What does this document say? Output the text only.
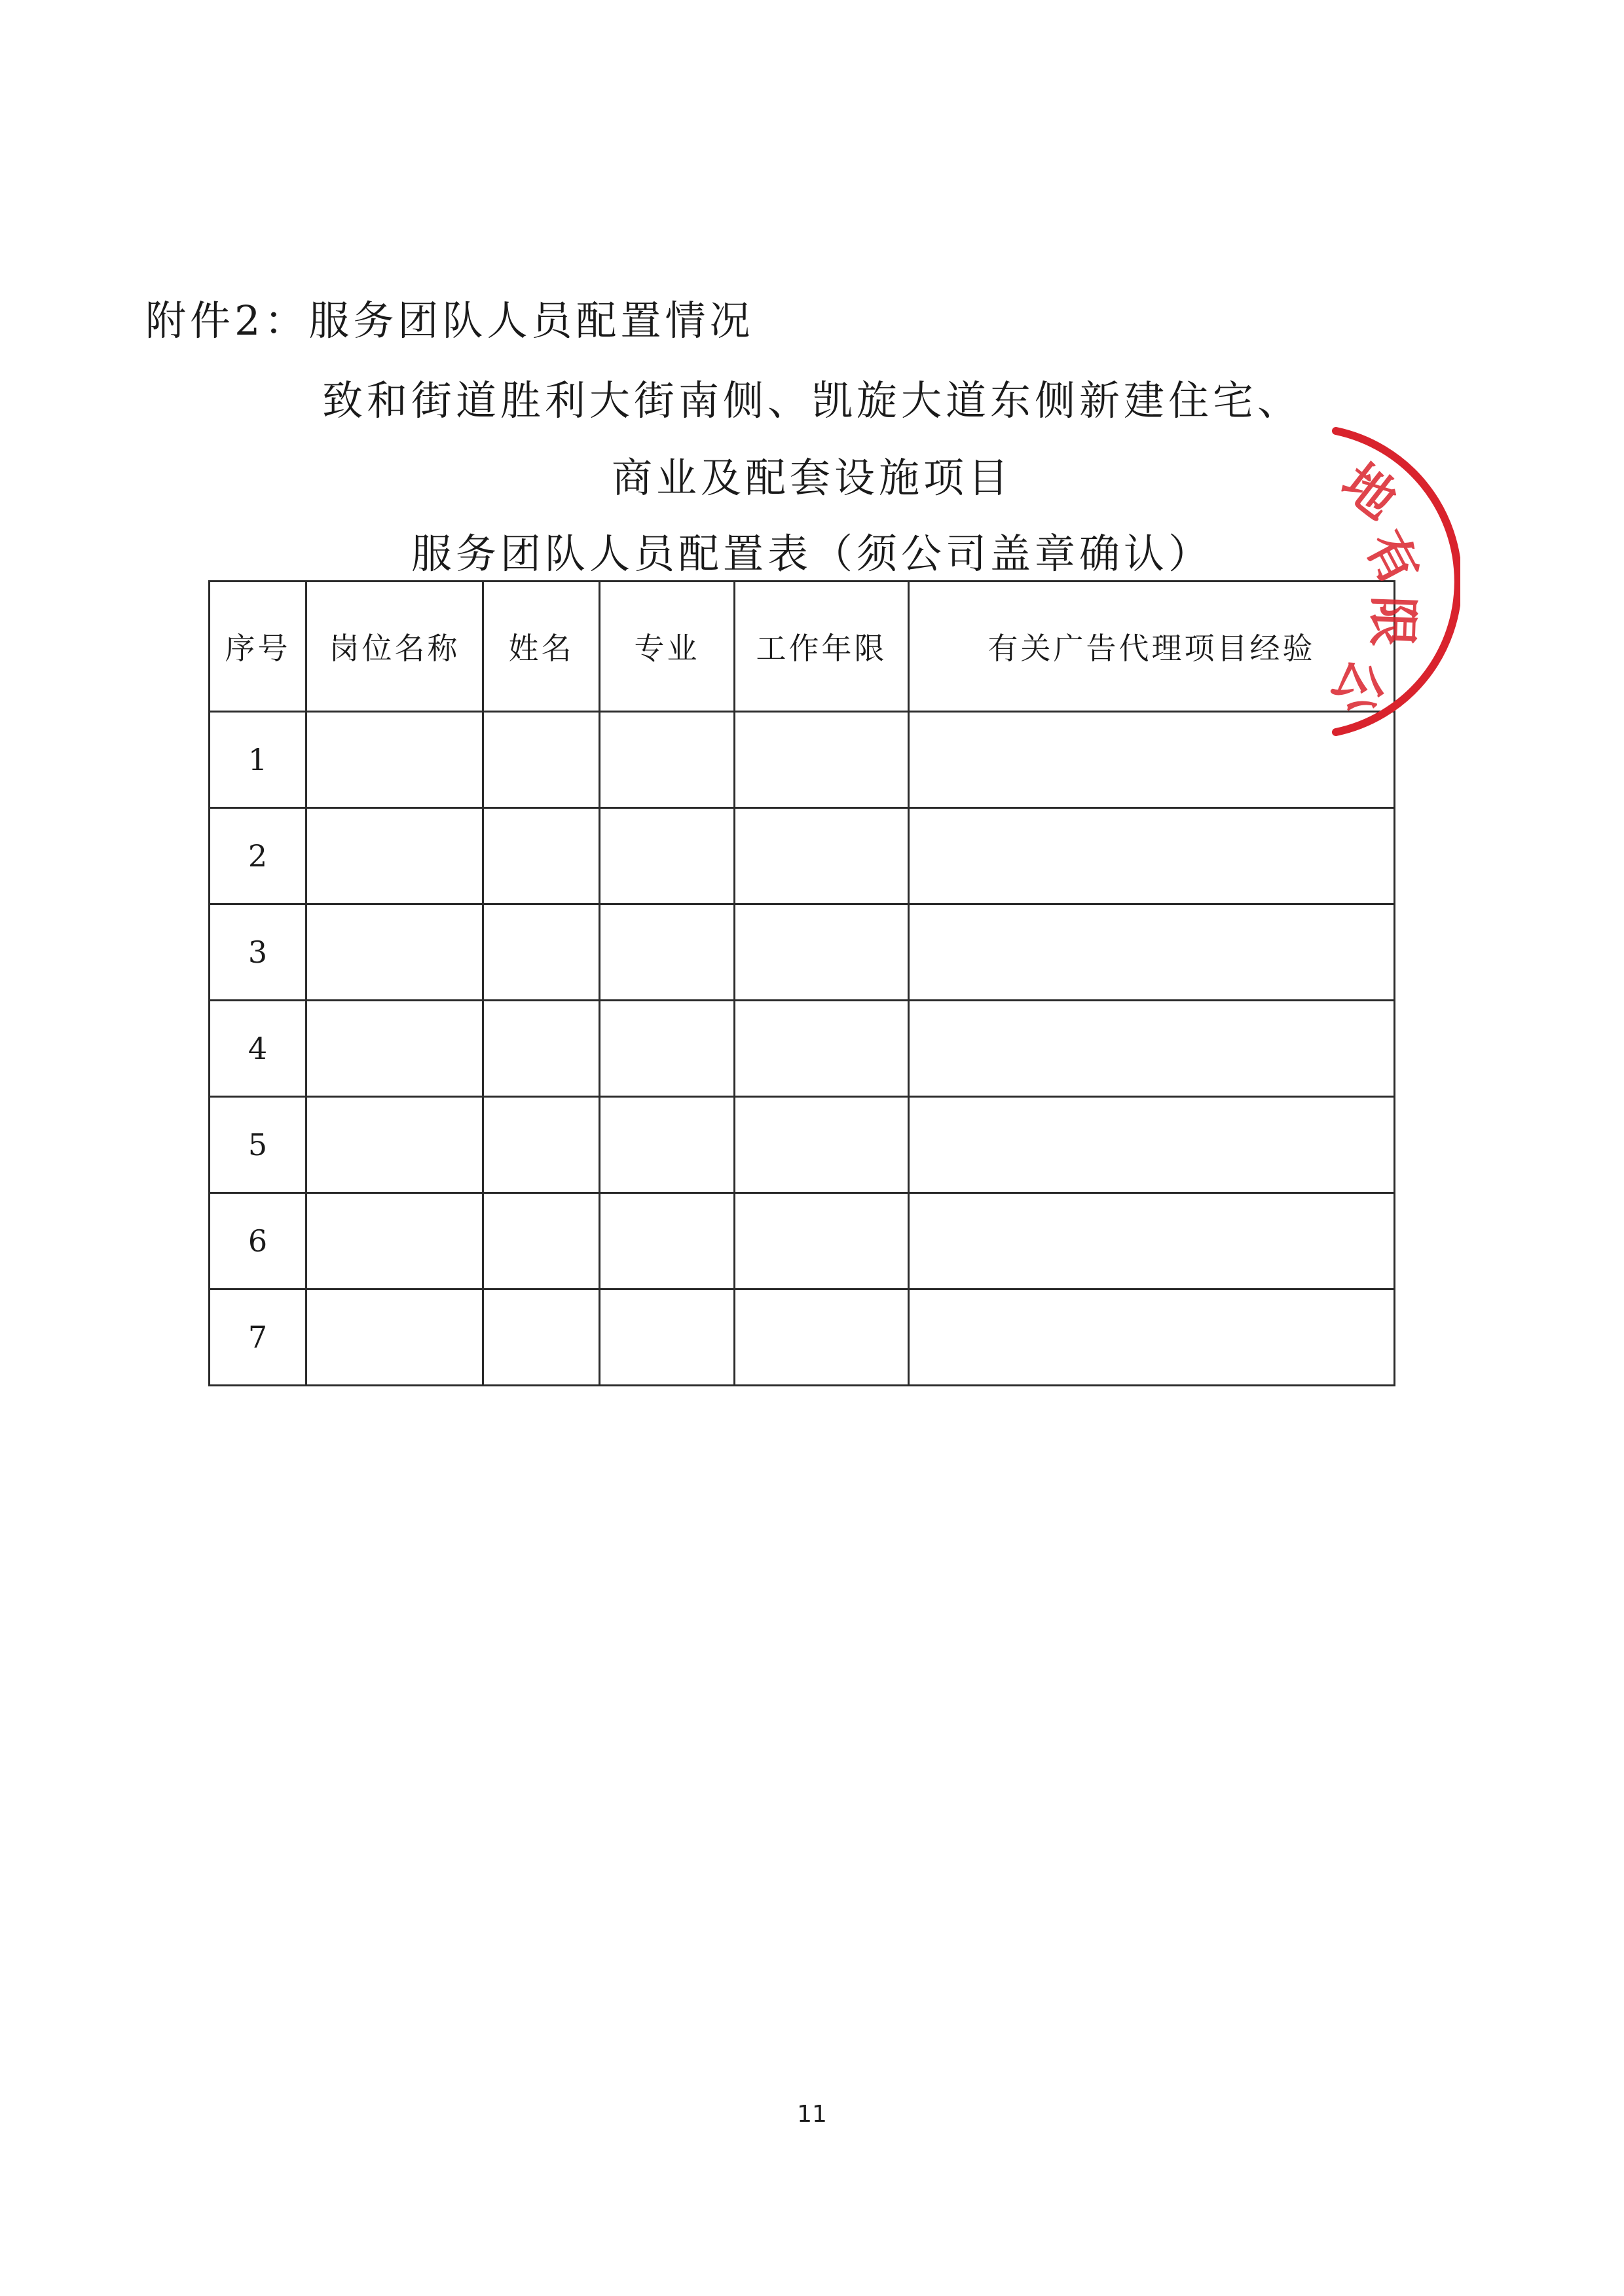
附件2：服务团队人员配置情况
致和街道胜利大街南侧、凯旋大道东侧新建住宅、
商业及配套设施项目
服务团队人员配置表（须公司盖章确认）
序号	岗位名称	姓名	专业	工作年限	有关广告代理项目经验
1					
2					
3					
4					
5					
6					
7					
地
有
限
公
11
